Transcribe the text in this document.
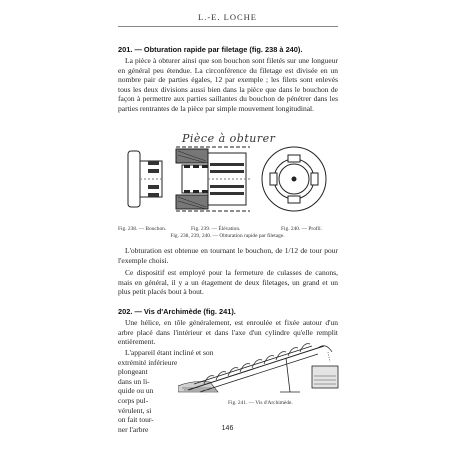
L.-E. LOCHE
201. — Obturation rapide par filetage (fig. 238 à 240).
La pièce à obturer ainsi que son bouchon sont filetés sur une longueur en général peu étendue. La circonférence du filetage est divisée en un nombre pair de parties égales, 12 par exemple ; les filets sont enlevés tous les deux divisions aussi bien dans la pièce que dans le bouchon de façon à permettre aux parties saillantes du bouchon de pénétrer dans les parties rentrantes de la pièce par simple mouvement longitudinal.
Pièce à obturer
Fig. 238. — Bouchon.	Fig. 239. — Élévation.	Fig. 240. — Profil.
Fig. 238, 239, 240. — Obturation rapide par filetage.
L'obturation est obtenue en tournant le bouchon, de 1/12 de tour pour l'exemple choisi.
Ce dispositif est employé pour la fermeture de culasses de canons, mais en général, il y a un étagement de deux filetages, un grand et un plus petit placés bout à bout.
202. — Vis d'Archimède (fig. 241).
Une hélice, en tôle généralement, est enroulée et fixée autour d'un arbre placé dans l'intérieur et dans l'axe d'un cylindre qu'elle remplit entièrement.
L'appareil étant incliné et son
extrémité inférieure
plongeant
dans un li-
quide ou un
corps pul-
vérulent, si
on fait tour-
ner l'arbre
Fig. 241. — Vis d'Archimède.
146
